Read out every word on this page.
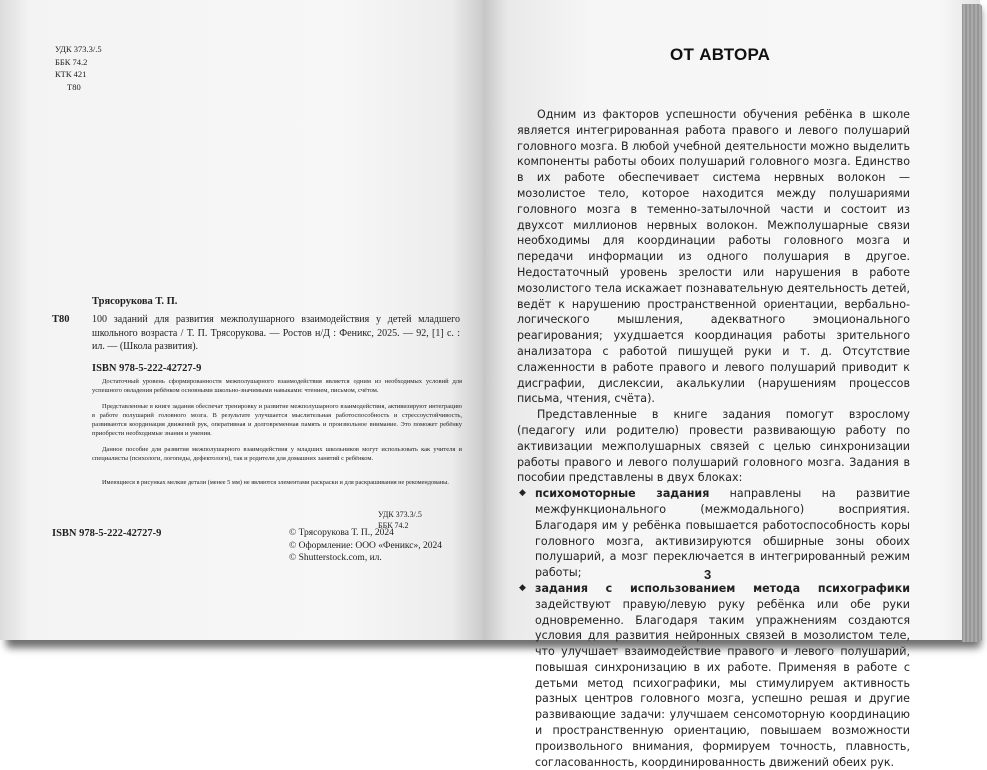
УДК 373.3/.5
ББК 74.2
КТК 421
Т80
Трясорукова Т. П.
Т80 100 заданий для развития межполушарного взаимодействия у детей младшего школьного возраста / Т. П. Трясорукова. — Ростов н/Д : Феникс, 2025. — 92, [1] с. : ил. — (Школа развития).
ISBN 978-5-222-42727-9

Достаточный уровень сформированности межполушарного взаимодействия является одним из необходимых условий для успешного овладения ребёнком основными школьно-значимыми навыками: чтением, письмом, счётом.

Представленные в книге задания обеспечат тренировку и развитие межполушарного взаимодействия, активизируют интеграцию в работе полушарий головного мозга. В результате улучшается мыслительная работоспособность и стрессоустойчивость, развиваются координация движений рук, оперативная и долговременная память и произвольное внимание. Это поможет ребёнку приобрести необходимые знания и умения.

Данное пособие для развития межполушарного взаимодействия у младших школьников могут использовать как учителя и специалисты (психологи, логопеды, дефектологи), так и родители для домашних занятий с ребёнком.

Имеющиеся в рисунках мелкие детали (менее 5 мм) не являются элементами раскраски и для раскрашивания не рекомендованы.
УДК 373.3/.5
ББК 74.2
ISBN 978-5-222-42727-9	© Трясорукова Т. П., 2024
© Оформление: ООО «Феникс», 2024
© Shutterstock.com, ил.
ОТ АВТОРА

Одним из факторов успешности обучения ребёнка в школе является интегрированная работа правого и левого полушарий головного мозга. В любой учебной деятельности можно выделить компоненты работы обоих полушарий головного мозга. Единство в их работе обеспечивает система нервных волокон — мозолистое тело, которое находится между полушариями головного мозга в теменно-затылочной части и состоит из двухсот миллионов нервных волокон. Межполушарные связи необходимы для координации работы головного мозга и передачи информации из одного полушария в другое. Недостаточный уровень зрелости или нарушения в работе мозолистого тела искажает познавательную деятельность детей, ведёт к нарушению пространственной ориентации, вербально-логического мышления, адекватного эмоционального реагирования; ухудшается координация работы зрительного анализатора с работой пишущей руки и т. д. Отсутствие слаженности в работе правого и левого полушарий приводит к дисграфии, дислексии, акалькулии (нарушениям процессов письма, чтения, счёта).

Представленные в книге задания помогут взрослому (педагогу или родителю) провести развивающую работу по активизации межполушарных связей с целью синхронизации работы правого и левого полушарий головного мозга. Задания в пособии представлены в двух блоках:

◆ психомоторные задания направлены на развитие межфункционального (межмодального) восприятия. Благодаря им у ребёнка повышается работоспособность коры головного мозга, активизируются обширные зоны обоих полушарий, а мозг переключается в интегрированный режим работы;
◆ задания с использованием метода психографики задействуют правую/левую руку ребёнка или обе руки одновременно. Благодаря таким упражнениям создаются условия для развития нейронных связей в мозолистом теле, что улучшает взаимодействие правого и левого полушарий, повышая синхронизацию в их работе. Применяя в работе с детьми метод психографики, мы стимулируем активность разных центров головного мозга, успешно решая и другие развивающие задачи: улучшаем сенсомоторную координацию и пространственную ориентацию, повышаем возможности произвольного внимания, формируем точность, плавность, согласованность, координированность движений обеих рук.
3
